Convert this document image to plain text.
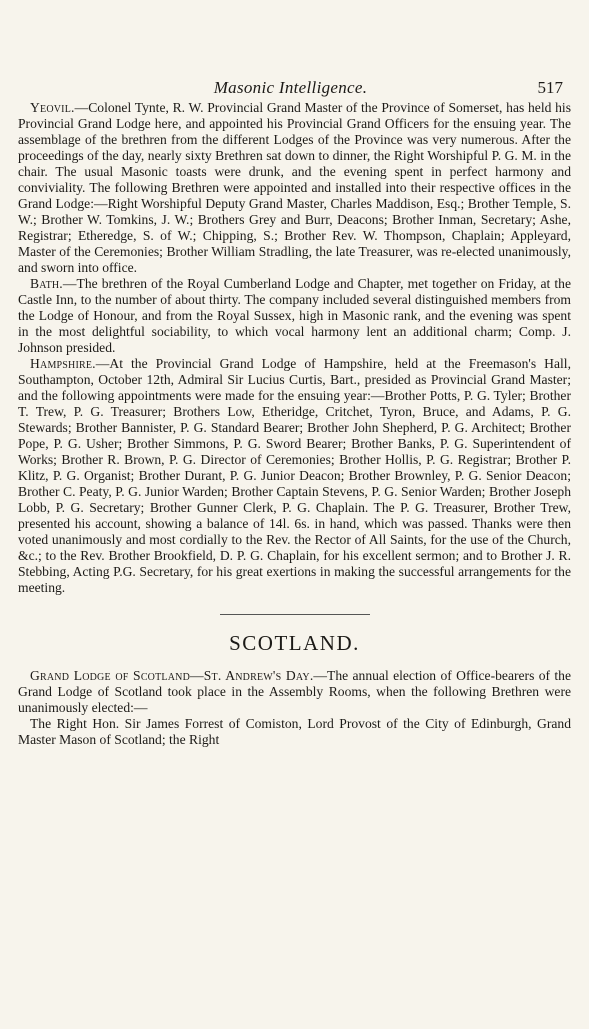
Masonic Intelligence.	517

Yeovil.—Colonel Tynte, R. W. Provincial Grand Master of the Province of Somerset, has held his Provincial Grand Lodge here, and appointed his Provincial Grand Officers for the ensuing year. The assemblage of the brethren from the different Lodges of the Province was very numerous. After the proceedings of the day, nearly sixty Brethren sat down to dinner, the Right Worshipful P. G. M. in the chair. The usual Masonic toasts were drunk, and the evening spent in perfect harmony and conviviality. The following Brethren were appointed and installed into their respective offices in the Grand Lodge:—Right Worshipful Deputy Grand Master, Charles Maddison, Esq.; Brother Temple, S. W.; Brother W. Tomkins, J. W.; Brothers Grey and Burr, Deacons; Brother Inman, Secretary; Ashe, Registrar; Etheredge, S. of W.; Chipping, S.; Brother Rev. W. Thompson, Chaplain; Appleyard, Master of the Ceremonies; Brother William Stradling, the late Treasurer, was re-elected unanimously, and sworn into office.

Bath.—The brethren of the Royal Cumberland Lodge and Chapter, met together on Friday, at the Castle Inn, to the number of about thirty. The company included several distinguished members from the Lodge of Honour, and from the Royal Sussex, high in Masonic rank, and the evening was spent in the most delightful sociability, to which vocal harmony lent an additional charm; Comp. J. Johnson presided.

Hampshire.—At the Provincial Grand Lodge of Hampshire, held at the Freemason's Hall, Southampton, October 12th, Admiral Sir Lucius Curtis, Bart., presided as Provincial Grand Master; and the following appointments were made for the ensuing year:—Brother Potts, P. G. Tyler; Brother T. Trew, P. G. Treasurer; Brothers Low, Etheridge, Critchet, Tyron, Bruce, and Adams, P. G. Stewards; Brother Bannister, P. G. Standard Bearer; Brother John Shepherd, P. G. Architect; Brother Pope, P. G. Usher; Brother Simmons, P. G. Sword Bearer; Brother Banks, P. G. Superintendent of Works; Brother R. Brown, P. G. Director of Ceremonies; Brother Hollis, P. G. Registrar; Brother P. Klitz, P. G. Organist; Brother Durant, P. G. Junior Deacon; Brother Brownley, P. G. Senior Deacon; Brother C. Peaty, P. G. Junior Warden; Brother Captain Stevens, P. G. Senior Warden; Brother Joseph Lobb, P. G. Secretary; Brother Gunner Clerk, P. G. Chaplain. The P. G. Treasurer, Brother Trew, presented his account, showing a balance of 14l. 6s. in hand, which was passed. Thanks were then voted unanimously and most cordially to the Rev. the Rector of All Saints, for the use of the Church, &c.; to the Rev. Brother Brookfield, D. P. G. Chaplain, for his excellent sermon; and to Brother J. R. Stebbing, Acting P.G. Secretary, for his great exertions in making the successful arrangements for the meeting.

SCOTLAND.

Grand Lodge of Scotland—St. Andrew's Day.—The annual election of Office-bearers of the Grand Lodge of Scotland took place in the Assembly Rooms, when the following Brethren were unanimously elected:—

The Right Hon. Sir James Forrest of Comiston, Lord Provost of the City of Edinburgh, Grand Master Mason of Scotland; the Right
